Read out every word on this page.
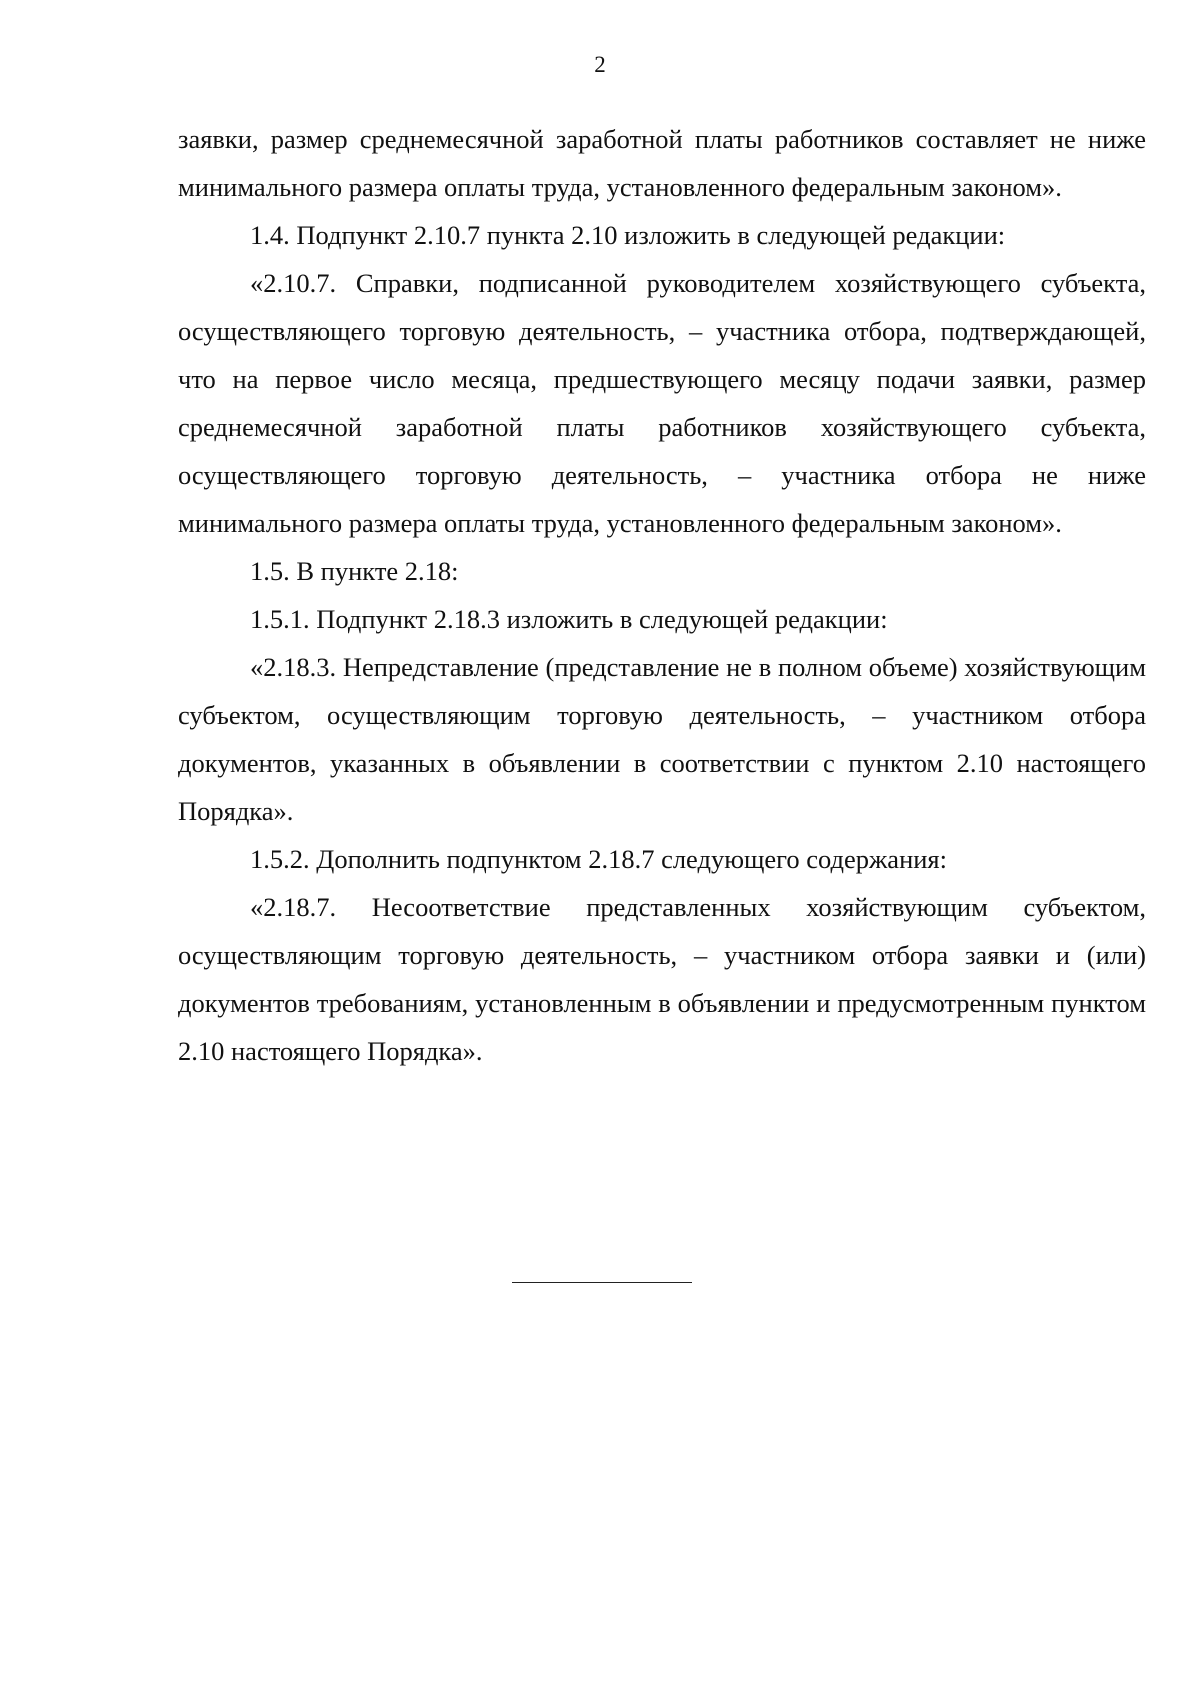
2

заявки, размер среднемесячной заработной платы работников составляет не ниже минимального размера оплаты труда, установленного федеральным законом».

1.4. Подпункт 2.10.7 пункта 2.10 изложить в следующей редакции:

«2.10.7. Справки, подписанной руководителем хозяйствующего субъекта, осуществляющего торговую деятельность, – участника отбора, подтверждающей, что на первое число месяца, предшествующего месяцу подачи заявки, размер среднемесячной заработной платы работников хозяйствующего субъекта, осуществляющего торговую деятельность, – участника отбора не ниже минимального размера оплаты труда, установленного федеральным законом».

1.5. В пункте 2.18:

1.5.1. Подпункт 2.18.3 изложить в следующей редакции:

«2.18.3. Непредставление (представление не в полном объеме) хозяйствующим субъектом, осуществляющим торговую деятельность, – участником отбора документов, указанных в объявлении в соответствии с пунктом 2.10 настоящего Порядка».

1.5.2. Дополнить подпунктом 2.18.7 следующего содержания:

«2.18.7. Несоответствие представленных хозяйствующим субъектом, осуществляющим торговую деятельность, – участником отбора заявки и (или) документов требованиям, установленным в объявлении и предусмотренным пунктом 2.10 настоящего Порядка».
